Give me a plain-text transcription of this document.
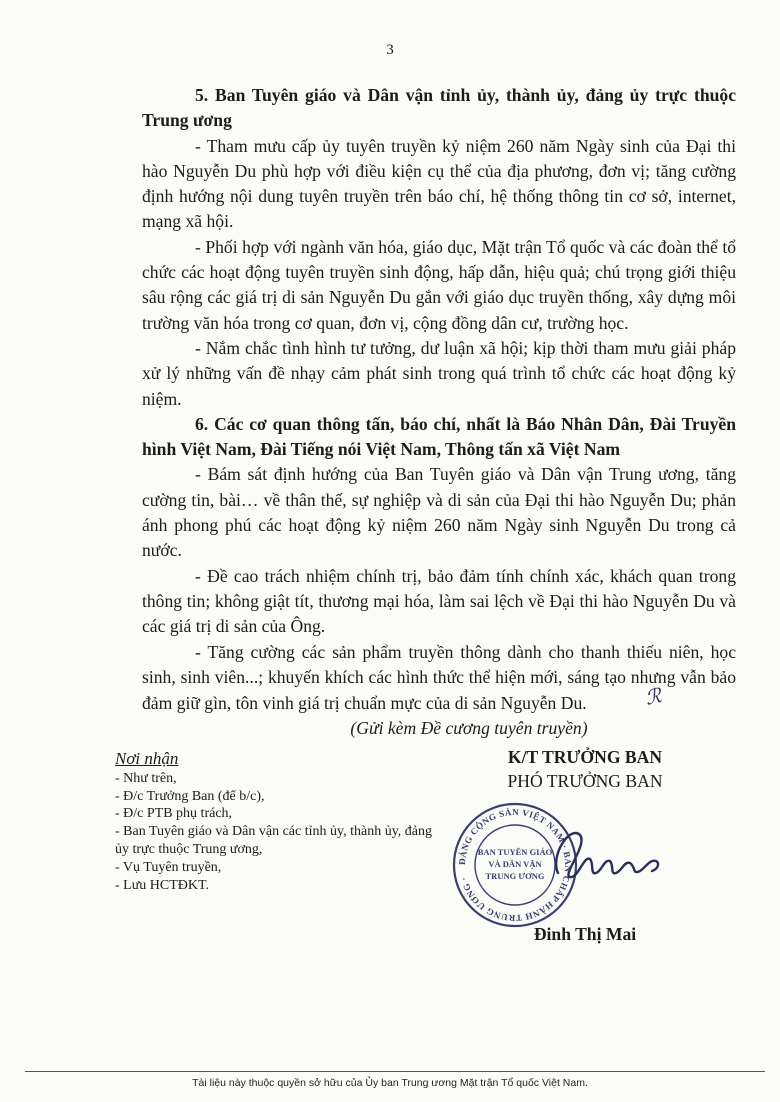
3

5. Ban Tuyên giáo và Dân vận tỉnh ủy, thành ủy, đảng ủy trực thuộc Trung ương

- Tham mưu cấp ủy tuyên truyền kỷ niệm 260 năm Ngày sinh của Đại thi hào Nguyễn Du phù hợp với điều kiện cụ thể của địa phương, đơn vị; tăng cường định hướng nội dung tuyên truyền trên báo chí, hệ thống thông tin cơ sở, internet, mạng xã hội.

- Phối hợp với ngành văn hóa, giáo dục, Mặt trận Tổ quốc và các đoàn thể tổ chức các hoạt động tuyên truyền sinh động, hấp dẫn, hiệu quả; chú trọng giới thiệu sâu rộng các giá trị di sản Nguyễn Du gắn với giáo dục truyền thống, xây dựng môi trường văn hóa trong cơ quan, đơn vị, cộng đồng dân cư, trường học.

- Nắm chắc tình hình tư tưởng, dư luận xã hội; kịp thời tham mưu giải pháp xử lý những vấn đề nhạy cảm phát sinh trong quá trình tổ chức các hoạt động kỷ niệm.

6. Các cơ quan thông tấn, báo chí, nhất là Báo Nhân Dân, Đài Truyền hình Việt Nam, Đài Tiếng nói Việt Nam, Thông tấn xã Việt Nam

- Bám sát định hướng của Ban Tuyên giáo và Dân vận Trung ương, tăng cường tin, bài… về thân thế, sự nghiệp và di sản của Đại thi hào Nguyễn Du; phản ánh phong phú các hoạt động kỷ niệm 260 năm Ngày sinh Nguyễn Du trong cả nước.

- Đề cao trách nhiệm chính trị, bảo đảm tính chính xác, khách quan trong thông tin; không giật tít, thương mại hóa, làm sai lệch về Đại thi hào Nguyễn Du và các giá trị di sản của Ông.

- Tăng cường các sản phẩm truyền thông dành cho thanh thiếu niên, học sinh, sinh viên...; khuyến khích các hình thức thể hiện mới, sáng tạo nhưng vẫn bảo đảm giữ gìn, tôn vinh giá trị chuẩn mực của di sản Nguyễn Du.	ℛ

(Gửi kèm Đề cương tuyên truyền)

Nơi nhận

- Như trên,

- Đ/c Trưởng Ban (để b/c),

- Đ/c PTB phụ trách,

- Ban Tuyên giáo và Dân vận các tỉnh ủy, thành ủy, đảng ủy trực thuộc Trung ương,

- Vụ Tuyên truyền,

- Lưu HCTĐKT.

K/T TRƯỞNG BAN
PHÓ TRƯỞNG BAN
ĐẢNG CỘNG SẢN VIỆT NAM · BAN CHẤP HÀNH TRUNG ƯƠNG ·
BAN TUYÊN GIÁO
VÀ DÂN VẬN
TRUNG ƯƠNG
Đinh Thị Mai
Tài liệu này thuộc quyền sở hữu của Ủy ban Trung ương Mặt trận Tổ quốc Việt Nam.
